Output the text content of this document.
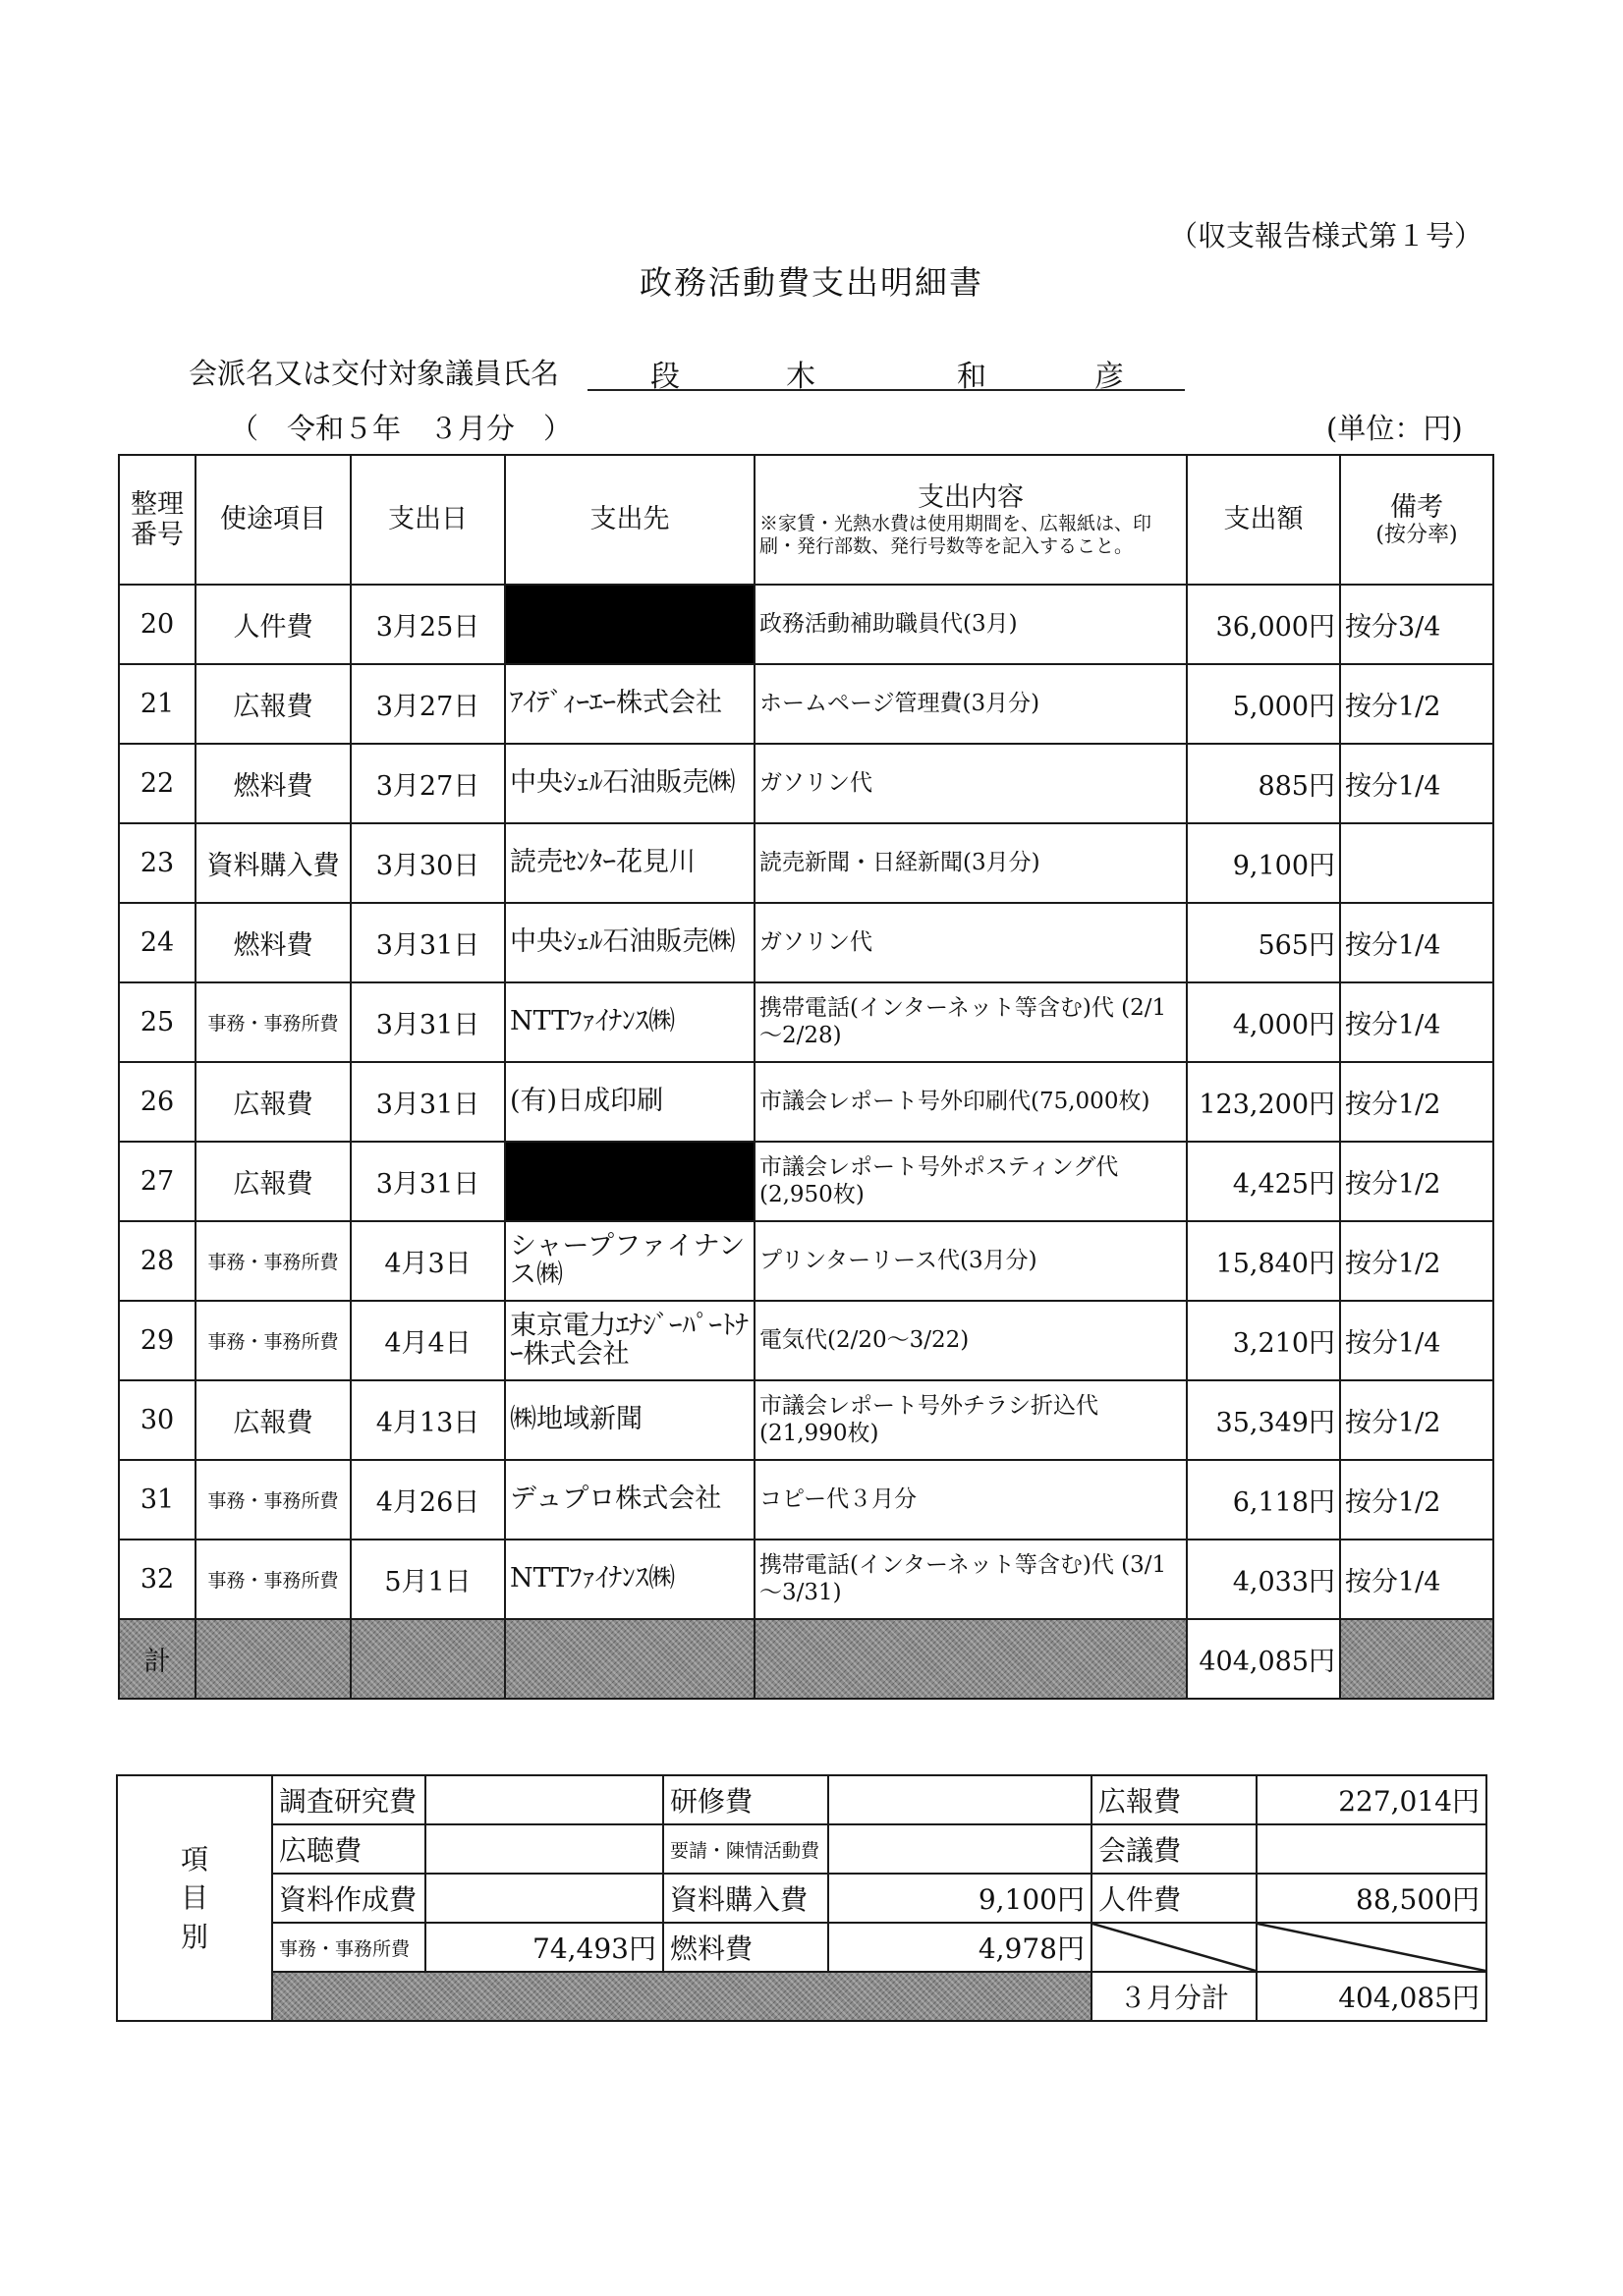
（収支報告様式第１号）
政務活動費支出明細書
会派名又は交付対象議員氏名	段	木	和	彦
（　令和５年　３月分　）	(単位：円)
整理
番号	使途項目	支出日	支出先	支出内容
※家賃・光熱水費は使用期間を、広報紙は、印刷・発行部数、発行号数等を記入すること。	支出額	備考
(按分率)

20	人件費	3月25日		政務活動補助職員代(3月)	36,000円	按分3/4
21	広報費	3月27日	ｱｲﾃﾞｨｰｴｰ株式会社	ホームページ管理費(3月分)	5,000円	按分1/2
22	燃料費	3月27日	中央ｼｪﾙ石油販売㈱	ガソリン代	885円	按分1/4
23	資料購入費	3月30日	読売ｾﾝﾀｰ花見川	読売新聞・日経新聞(3月分)	9,100円	
24	燃料費	3月31日	中央ｼｪﾙ石油販売㈱	ガソリン代	565円	按分1/4
25	事務・事務所費	3月31日	NTTﾌｧｲﾅﾝｽ㈱	携帯電話(インターネット等含む)代 (2/1～2/28)	4,000円	按分1/4
26	広報費	3月31日	(有)日成印刷	市議会レポート号外印刷代(75,000枚)	123,200円	按分1/2
27	広報費	3月31日		市議会レポート号外ポスティング代(2,950枚)	4,425円	按分1/2
28	事務・事務所費	4月3日	シャープファイナンス㈱	プリンターリース代(3月分)	15,840円	按分1/2
29	事務・事務所費	4月4日	東京電力ｴﾅｼﾞｰﾊﾟｰﾄﾅｰ株式会社	電気代(2/20～3/22)	3,210円	按分1/4
30	広報費	4月13日	㈱地域新聞	市議会レポート号外チラシ折込代(21,990枚)	35,349円	按分1/2
31	事務・事務所費	4月26日	デュプロ株式会社	コピー代３月分	6,118円	按分1/2
32	事務・事務所費	5月1日	NTTﾌｧｲﾅﾝｽ㈱	携帯電話(インターネット等含む)代 (3/1～3/31)	4,033円	按分1/4
計					404,085円	
項
目
別	調査研究費		研修費		広報費	227,014円
	広聴費		要請・陳情活動費		会議費	
	資料作成費		資料購入費	9,100円	人件費	88,500円
	事務・事務所費	74,493円	燃料費	4,978円		
					３月分計	404,085円
